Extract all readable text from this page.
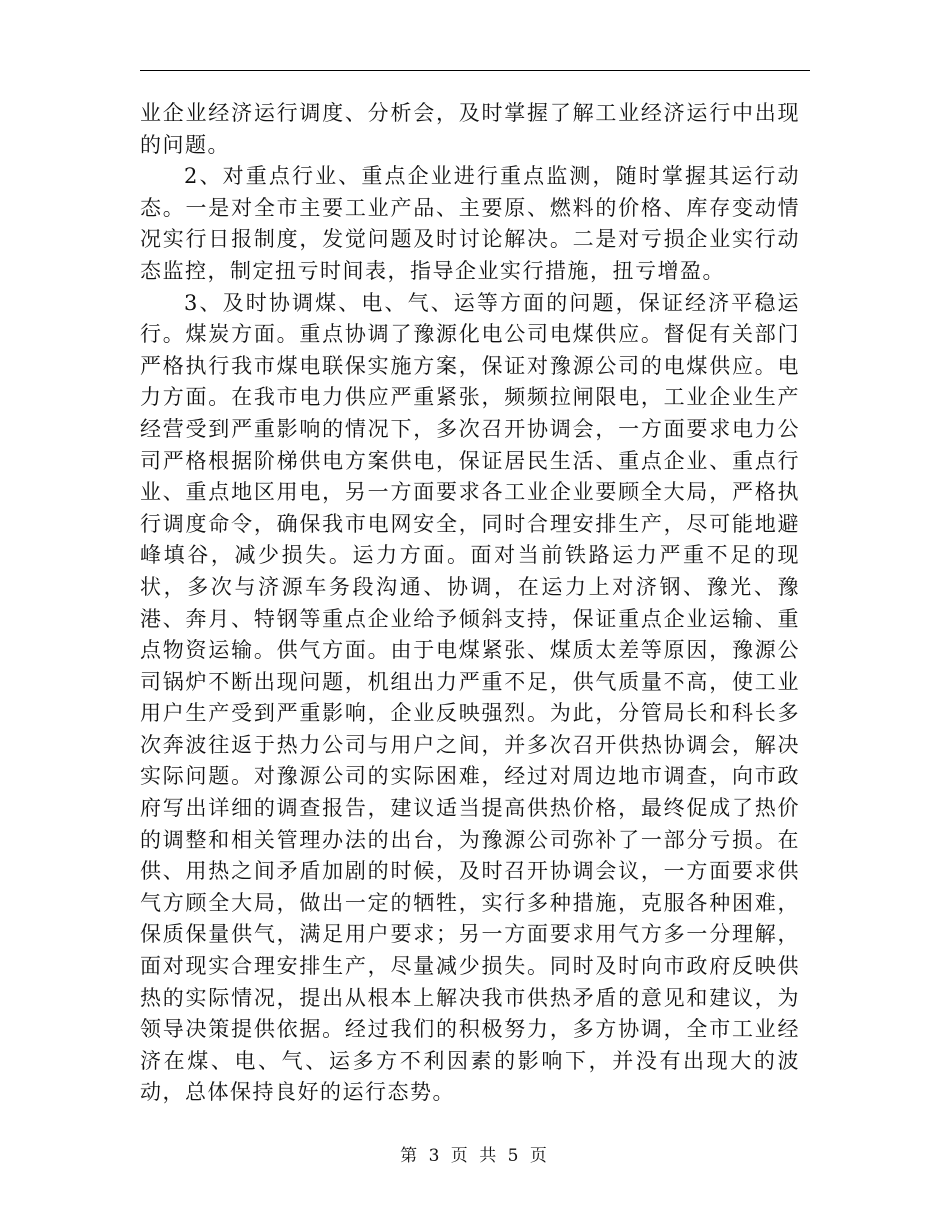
业企业经济运行调度、分析会，及时掌握了解工业经济运行中出现的问题。

2、对重点行业、重点企业进行重点监测，随时掌握其运行动态。一是对全市主要工业产品、主要原、燃料的价格、库存变动情况实行日报制度，发觉问题及时讨论解决。二是对亏损企业实行动态监控，制定扭亏时间表，指导企业实行措施，扭亏增盈。

3、及时协调煤、电、气、运等方面的问题，保证经济平稳运行。煤炭方面。重点协调了豫源化电公司电煤供应。督促有关部门严格执行我市煤电联保实施方案，保证对豫源公司的电煤供应。电力方面。在我市电力供应严重紧张，频频拉闸限电，工业企业生产经营受到严重影响的情况下，多次召开协调会，一方面要求电力公司严格根据阶梯供电方案供电，保证居民生活、重点企业、重点行业、重点地区用电，另一方面要求各工业企业要顾全大局，严格执行调度命令，确保我市电网安全，同时合理安排生产，尽可能地避峰填谷，减少损失。运力方面。面对当前铁路运力严重不足的现状，多次与济源车务段沟通、协调，在运力上对济钢、豫光、豫港、奔月、特钢等重点企业给予倾斜支持，保证重点企业运输、重点物资运输。供气方面。由于电煤紧张、煤质太差等原因，豫源公司锅炉不断出现问题，机组出力严重不足，供气质量不高，使工业用户生产受到严重影响，企业反映强烈。为此，分管局长和科长多次奔波往返于热力公司与用户之间，并多次召开供热协调会，解决实际问题。对豫源公司的实际困难，经过对周边地市调查，向市政府写出详细的调查报告，建议适当提高供热价格，最终促成了热价的调整和相关管理办法的出台，为豫源公司弥补了一部分亏损。在供、用热之间矛盾加剧的时候，及时召开协调会议，一方面要求供气方顾全大局，做出一定的牺牲，实行多种措施，克服各种困难，保质保量供气，满足用户要求；另一方面要求用气方多一分理解，面对现实合理安排生产，尽量减少损失。同时及时向市政府反映供热的实际情况，提出从根本上解决我市供热矛盾的意见和建议，为领导决策提供依据。经过我们的积极努力，多方协调，全市工业经济在煤、电、气、运多方不利因素的影响下，并没有出现大的波动，总体保持良好的运行态势。

第 3 页 共 5 页
